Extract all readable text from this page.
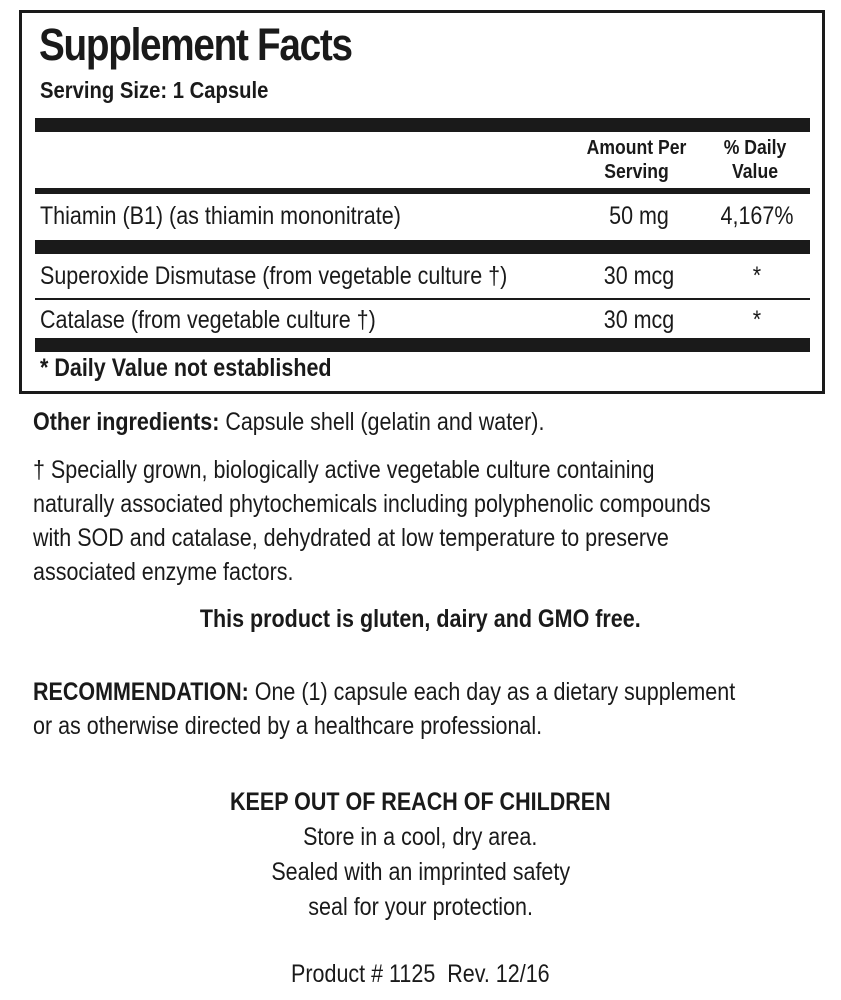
Supplement Facts
Serving Size: 1 Capsule
Amount Per
Serving
% Daily
Value
Thiamin (B1) (as thiamin mononitrate)	50 mg	4,167%
Superoxide Dismutase (from vegetable culture †)	30 mcg	*
Catalase (from vegetable culture †)	30 mcg	*
* Daily Value not established
Other ingredients: Capsule shell (gelatin and water).
† Specially grown, biologically active vegetable culture containing
naturally associated phytochemicals including polyphenolic compounds
with SOD and catalase, dehydrated at low temperature to preserve
associated enzyme factors.
This product is gluten, dairy and GMO free.
RECOMMENDATION: One (1) capsule each day as a dietary supplement
or as otherwise directed by a healthcare professional.
KEEP OUT OF REACH OF CHILDREN
Store in a cool, dry area.
Sealed with an imprinted safety
seal for your protection.
Product # 1125  Rev. 12/16
